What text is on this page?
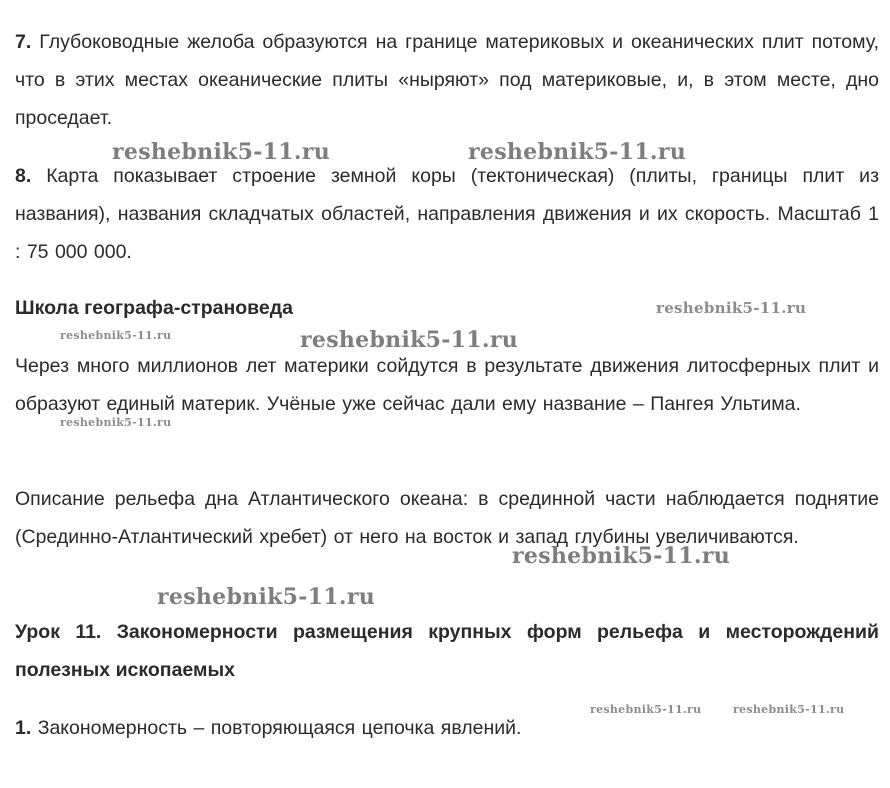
7. Глубоководные желоба образуются на границе материковых и океанических плит потому, что в этих местах океанические плиты «ныряют» под материковые, и, в этом месте, дно проседает.

reshebnik5-11.ru	reshebnik5-11.ru

8. Карта показывает строение земной коры (тектоническая) (плиты, границы плит из названия), названия складчатых областей, направления движения и их скорость. Масштаб 1 : 75 000 000.

Школа географа-страноведа	reshebnik5-11.ru
reshebnik5-11.ru	reshebnik5-11.ru

Через много миллионов лет материки сойдутся в результате движения литосферных плит и образуют единый материк. Учёные уже сейчас дали ему название – Пангея Ультима.

reshebnik5-11.ru

Описание рельефа дна Атлантического океана: в срединной части наблюдается поднятие (Срединно-Атлантический хребет) от него на восток и запад глубины увеличиваются.

reshebnik5-11.ru
reshebnik5-11.ru
Урок 11. Закономерности размещения крупных форм рельефа и месторождений полезных ископаемых
reshebnik5-11.ru	reshebnik5-11.ru

1. Закономерность – повторяющаяся цепочка явлений.
